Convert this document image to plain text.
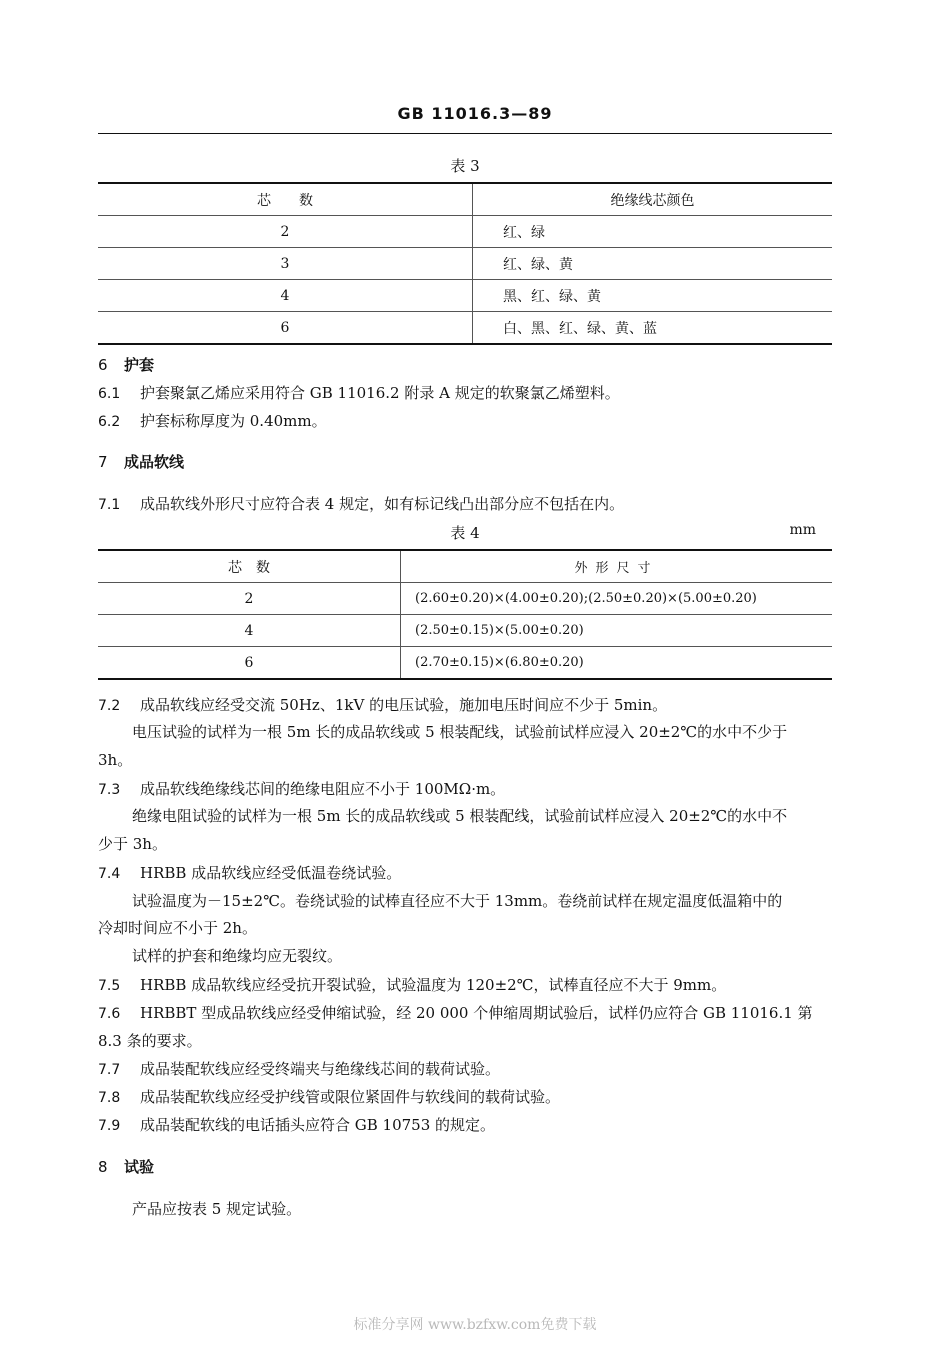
GB 11016.3—89
表 3
芯　　数	绝缘线芯颜色
2	红、绿
3	红、绿、黄
4	黑、红、绿、黄
6	白、黑、红、绿、黄、蓝
6 护套
6.1 护套聚氯乙烯应采用符合 GB 11016.2 附录 A 规定的软聚氯乙烯塑料。
6.2 护套标称厚度为 0.40mm。
7 成品软线
7.1 成品软线外形尺寸应符合表 4 规定，如有标记线凸出部分应不包括在内。
表 4	mm
芯　数	外形尺寸
2	(2.60±0.20)×(4.00±0.20);(2.50±0.20)×(5.00±0.20)
4	(2.50±0.15)×(5.00±0.20)
6	(2.70±0.15)×(6.80±0.20)
7.2 成品软线应经受交流 50Hz、1kV 的电压试验，施加电压时间应不少于 5min。
电压试验的试样为一根 5m 长的成品软线或 5 根装配线，试验前试样应浸入 20±2℃的水中不少于
3h。
7.3 成品软线绝缘线芯间的绝缘电阻应不小于 100MΩ·m。
绝缘电阻试验的试样为一根 5m 长的成品软线或 5 根装配线，试验前试样应浸入 20±2℃的水中不
少于 3h。
7.4 HRBB 成品软线应经受低温卷绕试验。
试验温度为－15±2℃。卷绕试验的试棒直径应不大于 13mm。卷绕前试样在规定温度低温箱中的
冷却时间应不小于 2h。
试样的护套和绝缘均应无裂纹。
7.5 HRBB 成品软线应经受抗开裂试验，试验温度为 120±2℃，试棒直径应不大于 9mm。
7.6 HRBBT 型成品软线应经受伸缩试验，经 20 000 个伸缩周期试验后，试样仍应符合 GB 11016.1 第
8.3 条的要求。
7.7 成品装配软线应经受终端夹与绝缘线芯间的载荷试验。
7.8 成品装配软线应经受护线管或限位紧固件与软线间的载荷试验。
7.9 成品装配软线的电话插头应符合 GB 10753 的规定。
8 试验
产品应按表 5 规定试验。
标准分享网 www.bzfxw.com免费下载
